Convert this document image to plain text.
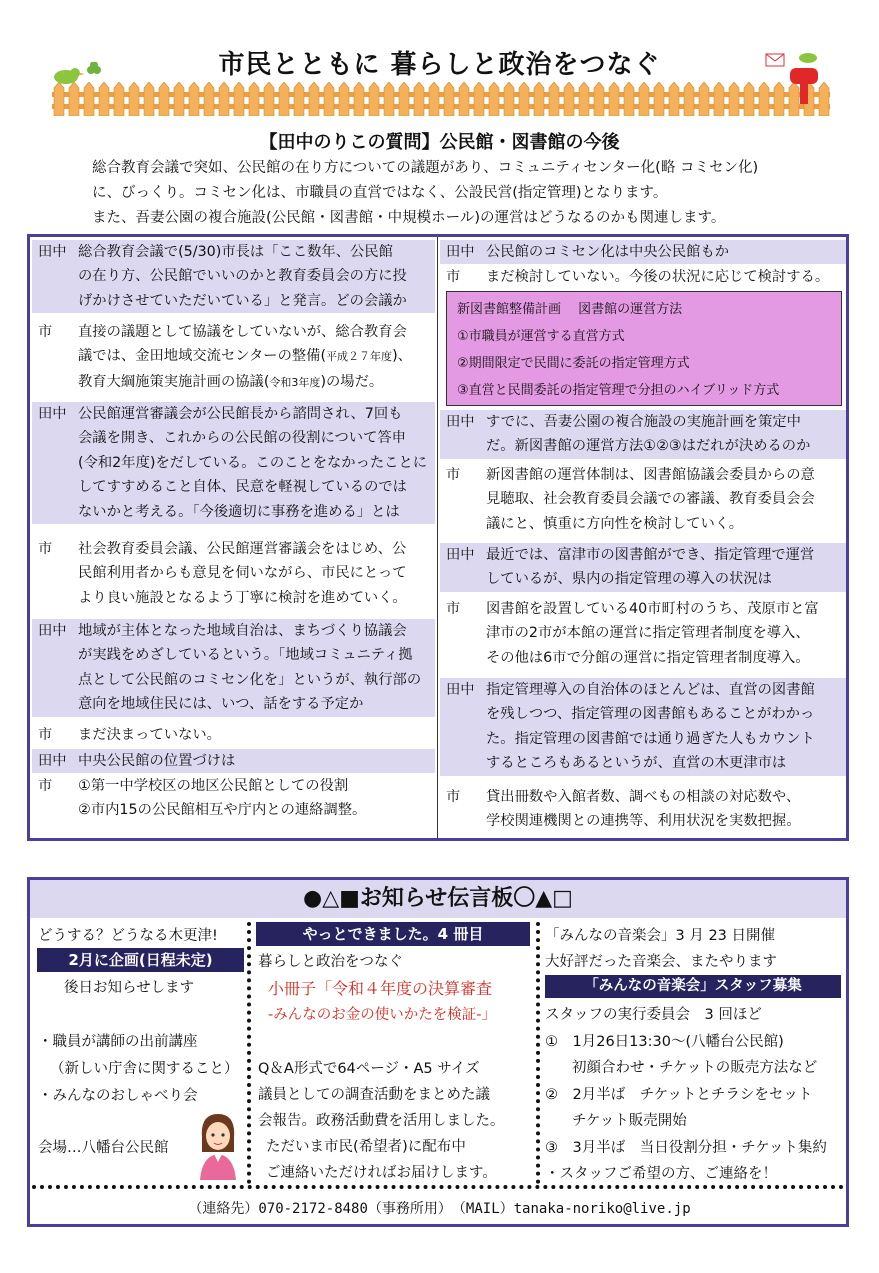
市民とともに 暮らしと政治をつなぐ
【田中のりこの質問】公民館・図書館の今後
総合教育会議で突如、公民館の在り方についての議題があり、コミュニティセンター化(略 コミセン化)
に、びっくり。コミセン化は、市職員の直営ではなく、公設民営(指定管理)となります。
また、吾妻公園の複合施設(公民館・図書館・中規模ホール)の運営はどうなるのかも関連します。
田中 総合教育会議で(5/30)市長は「ここ数年、公民館
の在り方、公民館でいいのかと教育委員会の方に投
げかけさせていただいている」と発言。どの会議か
市 直接の議題として協議をしていないが、総合教育会
議では、金田地域交流センターの整備(平成２７年度)、
教育大綱施策実施計画の協議(令和3年度)の場だ。
田中 公民館運営審議会が公民館長から諮問され、7回も
会議を開き、これからの公民館の役割について答申
(令和2年度)をだしている。このことをなかったことに
してすすめること自体、民意を軽視しているのでは
ないかと考える。「今後適切に事務を進める」とは
市 社会教育委員会議、公民館運営審議会をはじめ、公
民館利用者からも意見を伺いながら、市民にとって
より良い施設となるよう丁寧に検討を進めていく。
田中 地域が主体となった地域自治は、まちづくり協議会
が実践をめざしているという。「地域コミュニティ拠
点として公民館のコミセン化を」というが、執行部の
意向を地域住民には、いつ、話をする予定か
市 まだ決まっていない。
田中 中央公民館の位置づけは
市 ①第一中学校区の地区公民館としての役割
②市内15の公民館相互や庁内との連絡調整。
田中 公民館のコミセン化は中央公民館もか
市 まだ検討していない。今後の状況に応じて検討する。
田中 すでに、吾妻公園の複合施設の実施計画を策定中
だ。新図書館の運営方法①②③はだれが決めるのか
市 新図書館の運営体制は、図書館協議会委員からの意
見聴取、社会教育委員会議での審議、教育委員会会
議にと、慎重に方向性を検討していく。
田中 最近では、富津市の図書館ができ、指定管理で運営
しているが、県内の指定管理の導入の状況は
市 図書館を設置している40市町村のうち、茂原市と富
津市の2市が本館の運営に指定管理者制度を導入、
その他は6市で分館の運営に指定管理者制度導入。
田中 指定管理導入の自治体のほとんどは、直営の図書館
を残しつつ、指定管理の図書館もあることがわかっ
た。指定管理の図書館では通り過ぎた人もカウント
するところもあるというが、直営の木更津市は
市 貸出冊数や入館者数、調べもの相談の対応数や、
学校関連機関との連携等、利用状況を実数把握。
新図書館整備計画　 図書館の運営方法
①市職員が運営する直営方式
②期間限定で民間に委託の指定管理方式
③直営と民間委託の指定管理で分担のハイブリッド方式
●△■お知らせ伝言板〇▲□
どうする？どうなる木更津!
2月に企画(日程未定)
後日お知らせします
・職員が講師の出前講座
（新しい庁舎に関すること）
・みんなのおしゃべり会
会場…八幡台公民館
やっとできました。4 冊目
暮らしと政治をつなぐ
小冊子「令和４年度の決算審査
-みんなのお金の使いかたを検証-」
Q＆A形式で64ページ・A5 サイズ
議員としての調査活動をまとめた議
会報告。政務活動費を活用しました。
ただいま市民(希望者)に配布中
ご連絡いただければお届けします。
「みんなの音楽会」3 月 23 日開催
大好評だった音楽会、またやります
「みんなの音楽会」スタッフ募集
スタッフの実行委員会　3 回ほど
①　1月26日13:30～(八幡台公民館)
初顔合わせ・チケットの販売方法など
②　2月半ば　チケットとチラシをセット
チケット販売開始
③　3月半ば　当日役割分担・チケット集約
・スタッフご希望の方、ご連絡を！
（連絡先）070-2172-8480（事務所用）　（MAIL）tanaka-noriko@live.jp
